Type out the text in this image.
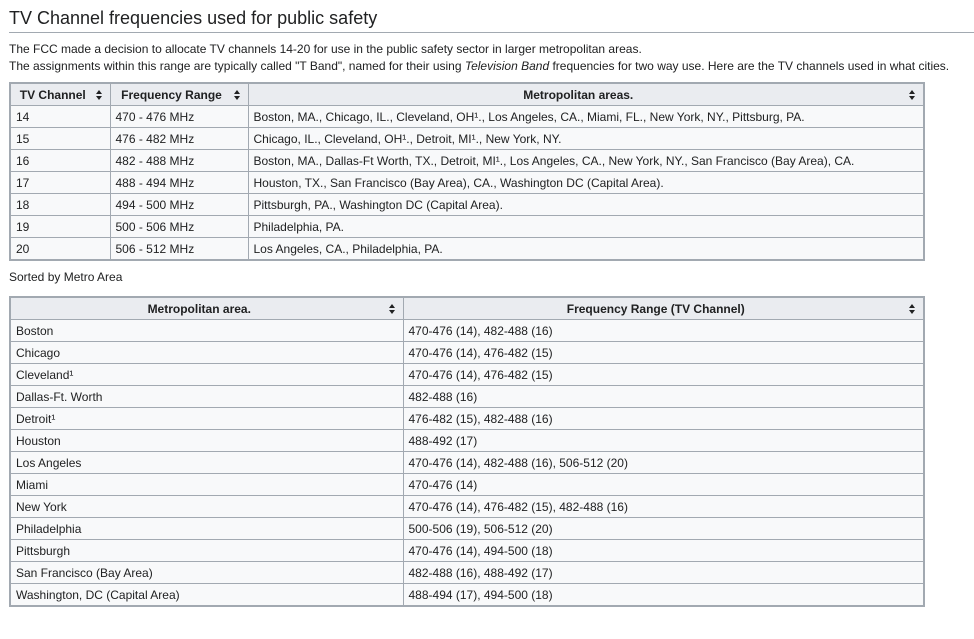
TV Channel frequencies used for public safety

The FCC made a decision to allocate TV channels 14-20 for use in the public safety sector in larger metropolitan areas.

The assignments within this range are typically called "T Band", named for their using Television Band frequencies for two way use. Here are the TV channels used in what cities.

TV Channel	Frequency Range	Metropolitan areas.

14	470 - 476 MHz	Boston, MA., Chicago, IL., Cleveland, OH¹., Los Angeles, CA., Miami, FL., New York, NY., Pittsburg, PA.
15	476 - 482 MHz	Chicago, IL., Cleveland, OH¹., Detroit, MI¹., New York, NY.
16	482 - 488 MHz	Boston, MA., Dallas-Ft Worth, TX., Detroit, MI¹., Los Angeles, CA., New York, NY., San Francisco (Bay Area), CA.
17	488 - 494 MHz	Houston, TX., San Francisco (Bay Area), CA., Washington DC (Capital Area).
18	494 - 500 MHz	Pittsburgh, PA., Washington DC (Capital Area).
19	500 - 506 MHz	Philadelphia, PA.
20	506 - 512 MHz	Los Angeles, CA., Philadelphia, PA.

Sorted by Metro Area

Metropolitan area.	Frequency Range (TV Channel)

Boston	470-476 (14), 482-488 (16)
Chicago	470-476 (14), 476-482 (15)
Cleveland¹	470-476 (14), 476-482 (15)
Dallas-Ft. Worth	482-488 (16)
Detroit¹	476-482 (15), 482-488 (16)
Houston	488-492 (17)
Los Angeles	470-476 (14), 482-488 (16), 506-512 (20)
Miami	470-476 (14)
New York	470-476 (14), 476-482 (15), 482-488 (16)
Philadelphia	500-506 (19), 506-512 (20)
Pittsburgh	470-476 (14), 494-500 (18)
San Francisco (Bay Area)	482-488 (16), 488-492 (17)
Washington, DC (Capital Area)	488-494 (17), 494-500 (18)
